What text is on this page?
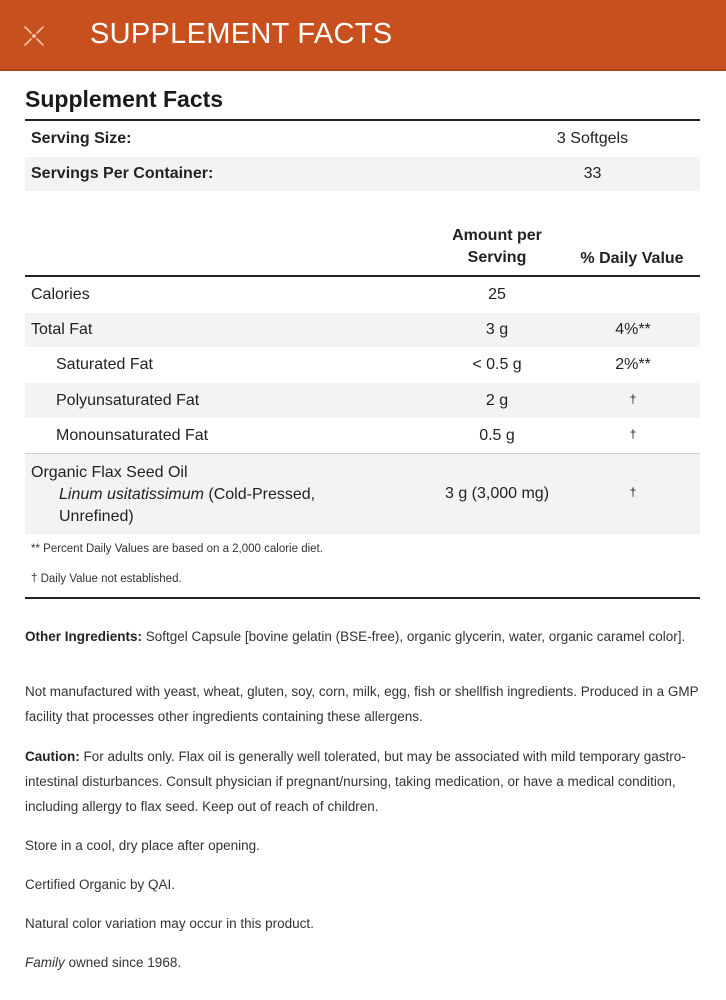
SUPPLEMENT FACTS
Supplement Facts
Serving Size:	3 Softgels
Servings Per Container:	33
Amount per
Serving	% Daily Value
Calories	25
Total Fat	3 g	4%**
Saturated Fat	< 0.5 g	2%**
Polyunsaturated Fat	2 g	†
Monounsaturated Fat	0.5 g	†
Organic Flax Seed Oil
Linum usitatissimum (Cold-Pressed,
Unrefined)
3 g (3,000 mg)	†
** Percent Daily Values are based on a 2,000 calorie diet.
† Daily Value not established.
Other Ingredients: Softgel Capsule [bovine gelatin (BSE-free), organic glycerin, water, organic caramel color].
Not manufactured with yeast, wheat, gluten, soy, corn, milk, egg, fish or shellfish ingredients. Produced in a GMP facility that processes other ingredients containing these allergens.
Caution: For adults only. Flax oil is generally well tolerated, but may be associated with mild temporary gastro-intestinal disturbances. Consult physician if pregnant/nursing, taking medication, or have a medical condition, including allergy to flax seed. Keep out of reach of children.
Store in a cool, dry place after opening.
Certified Organic by QAI.
Natural color variation may occur in this product.
Family owned since 1968.
